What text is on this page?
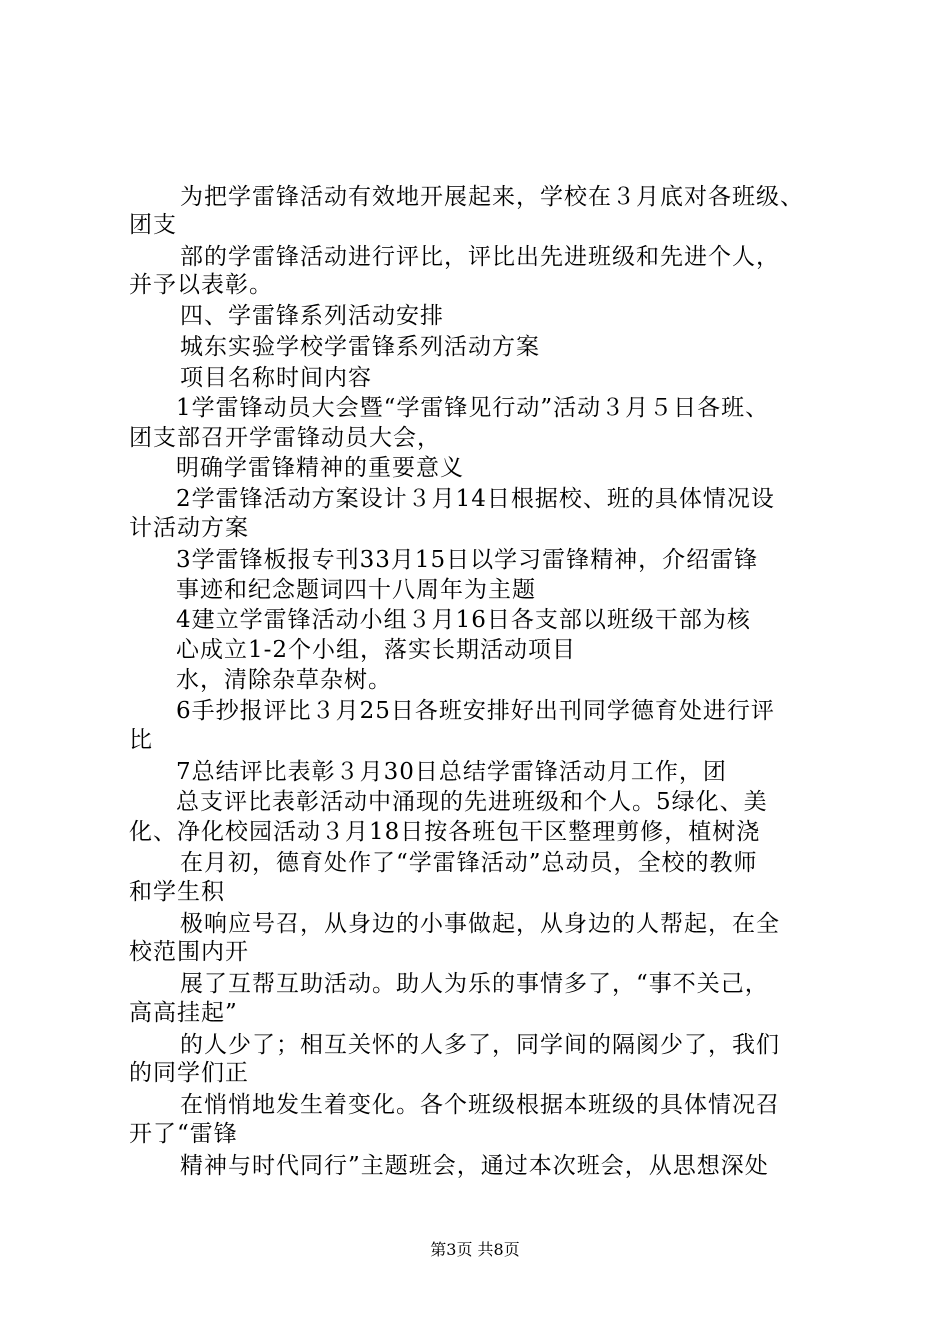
为把学雷锋活动有效地开展起来，学校在３月底对各班级、
团支
部的学雷锋活动进行评比，评比出先进班级和先进个人，
并予以表彰。
四、学雷锋系列活动安排
城东实验学校学雷锋系列活动方案
项目名称时间内容
1学雷锋动员大会暨“学雷锋见行动”活动３月５日各班、
团支部召开学雷锋动员大会，
明确学雷锋精神的重要意义
2学雷锋活动方案设计３月14日根据校、班的具体情况设
计活动方案
3学雷锋板报专刊33月15日以学习雷锋精神，介绍雷锋
事迹和纪念题词四十八周年为主题
4建立学雷锋活动小组３月16日各支部以班级干部为核
心成立1-2个小组，落实长期活动项目
水，清除杂草杂树。
6手抄报评比３月25日各班安排好出刊同学德育处进行评
比
7总结评比表彰３月30日总结学雷锋活动月工作，团
总支评比表彰活动中涌现的先进班级和个人。5绿化、美
化、净化校园活动３月18日按各班包干区整理剪修，植树浇
在月初，德育处作了“学雷锋活动”总动员，全校的教师
和学生积
极响应号召，从身边的小事做起，从身边的人帮起，在全
校范围内开
展了互帮互助活动。助人为乐的事情多了，“事不关己，
高高挂起”
的人少了；相互关怀的人多了，同学间的隔阂少了，我们
的同学们正
在悄悄地发生着变化。各个班级根据本班级的具体情况召
开了“雷锋
精神与时代同行”主题班会，通过本次班会，从思想深处
第3页 共8页
